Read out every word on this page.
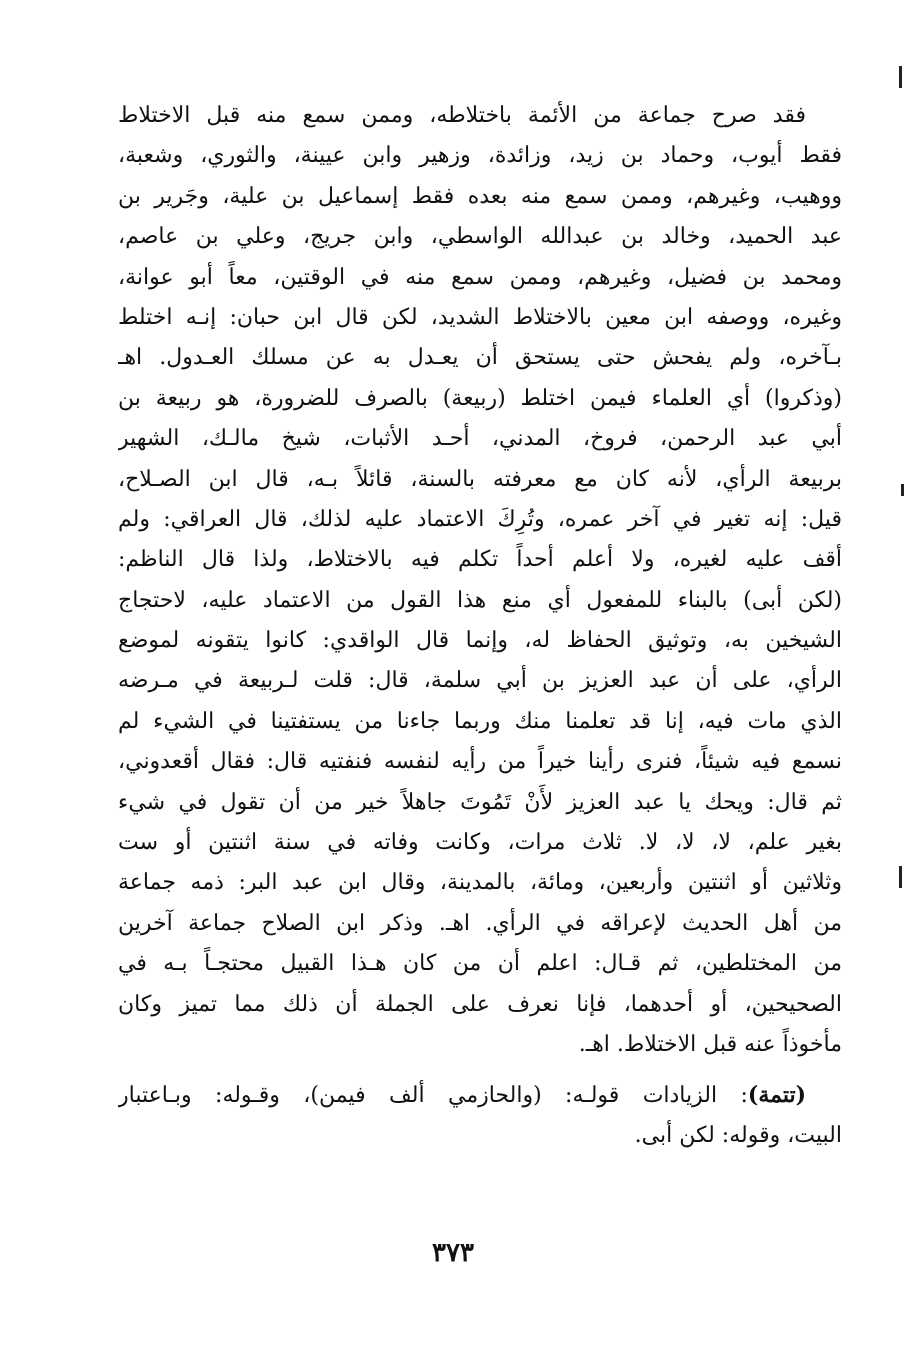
فقد صرح جماعة من الأئمة باختلاطه، وممن سمع منه قبل الاختلاط
فقط أيوب، وحماد بن زيد، وزائدة، وزهير وابن عيينة، والثوري، وشعبة،
ووهيب، وغيرهم، وممن سمع منه بعده فقط إسماعيل بن علية، وجَرير بن
عبد الحميد، وخالد بن عبدالله الواسطي، وابن جريج، وعلي بن عاصم،
ومحمد بن فضيل، وغيرهم، وممن سمع منه في الوقتين، معاً أبو عوانة،
وغيره، ووصفه ابن معين بالاختلاط الشديد، لكن قال ابن حبان: إنـه اختلط
بـآخره، ولم يفحش حتى يستحق أن يعـدل به عن مسلك العـدول. اهـ
(وذكروا) أي العلماء فيمن اختلط (ربيعة) بالصرف للضرورة، هو ربيعة بن
أبي عبد الرحمن، فروخ، المدني، أحـد الأثبات، شيخ مالـك، الشهير
بربيعة الرأي، لأنه كان مع معرفته بالسنة، قائلاً بـه، قال ابن الصـلاح،
قيل: إنه تغير في آخر عمره، وتُرِكَ الاعتماد عليه لذلك، قال العراقي: ولم
أقف عليه لغيره، ولا أعلم أحداً تكلم فيه بالاختلاط، ولذا قال الناظم:
(لكن أبى) بالبناء للمفعول أي منع هذا القول من الاعتماد عليه، لاحتجاج
الشيخين به، وتوثيق الحفاظ له، وإنما قال الواقدي: كانوا يتقونه لموضع
الرأي، على أن عبد العزيز بن أبي سلمة، قال: قلت لـربيعة في مـرضه
الذي مات فيه، إنا قد تعلمنا منك وربما جاءنا من يستفتينا في الشيء لم
نسمع فيه شيئاً، فنرى رأينا خيراً من رأيه لنفسه فنفتيه قال: فقال أقعدوني،
ثم قال: ويحك يا عبد العزيز لأَنْ تَمُوتَ جاهلاً خير من أن تقول في شيء
بغير علم، لا، لا، لا. ثلاث مرات، وكانت وفاته في سنة اثنتين أو ست
وثلاثين أو اثنتين وأربعين، ومائة، بالمدينة، وقال ابن عبد البر: ذمه جماعة
من أهل الحديث لإعراقه في الرأي. اهـ. وذكر ابن الصلاح جماعة آخرين
من المختلطين، ثم قـال: اعلم أن من كان هـذا القبيل محتجـاً بـه في
الصحيحين، أو أحدهما، فإنا نعرف على الجملة أن ذلك مما تميز وكان
مأخوذاً عنه قبل الاختلاط. اهـ.
(تتمة): الزيادات قولـه: (والحازمي ألف فيمن)، وقـوله: وبـاعتبار
البيت، وقوله: لكن أبى.
٣٧٣
